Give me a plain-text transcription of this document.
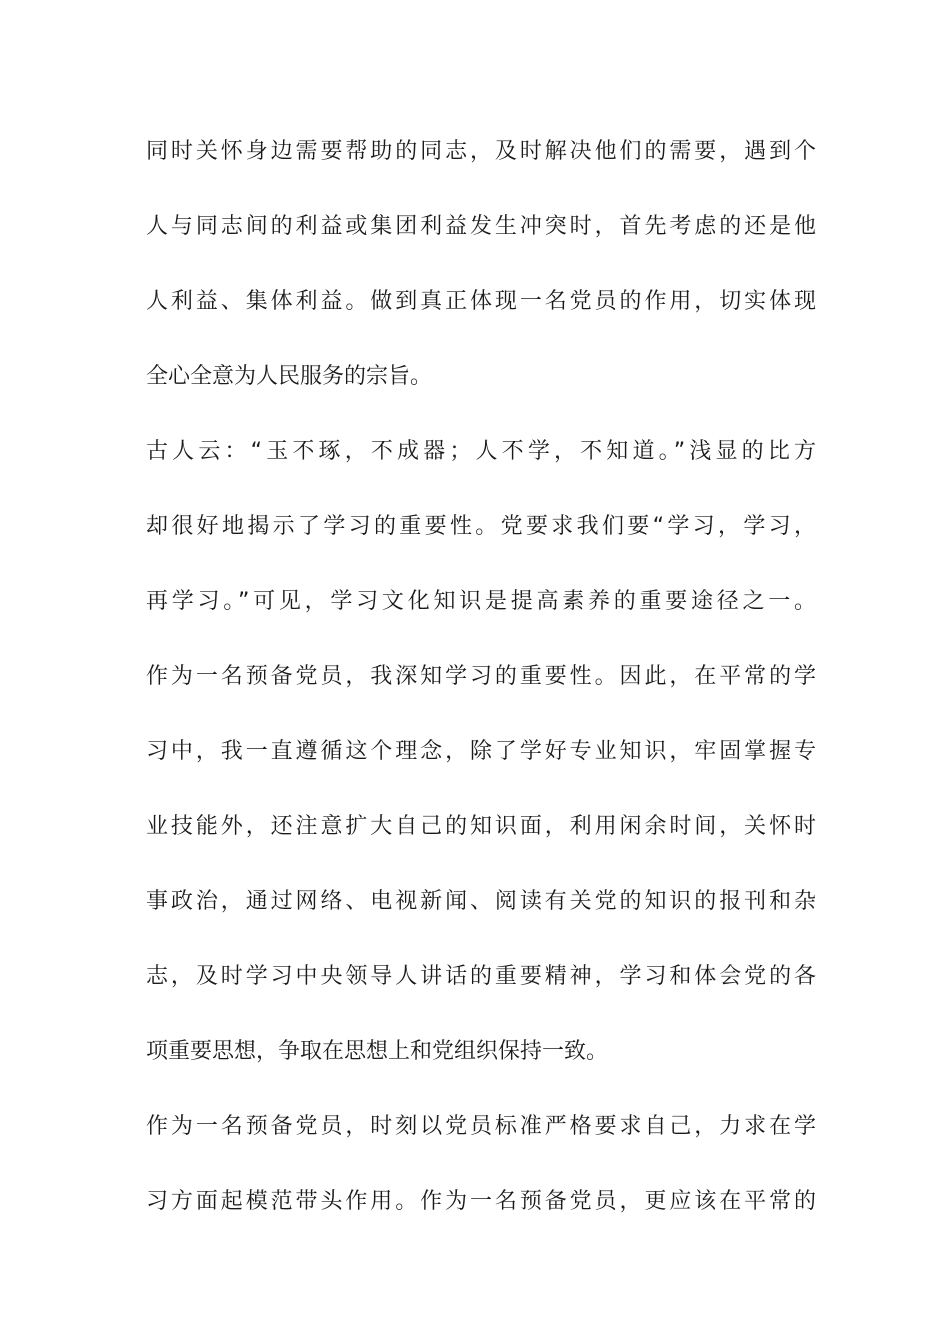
同时关怀身边需要帮助的同志，及时解决他们的需要，遇到个
人与同志间的利益或集团利益发生冲突时，首先考虑的还是他
人利益、集体利益。做到真正体现一名党员的作用，切实体现
全心全意为人民服务的宗旨。
古人云：“玉不琢，不成器；人不学，不知道。”浅显的比方
却很好地揭示了学习的重要性。党要求我们要“学习，学习，
再学习。”可见，学习文化知识是提高素养的重要途径之一。
作为一名预备党员，我深知学习的重要性。因此，在平常的学
习中，我一直遵循这个理念，除了学好专业知识，牢固掌握专
业技能外，还注意扩大自己的知识面，利用闲余时间，关怀时
事政治，通过网络、电视新闻、阅读有关党的知识的报刊和杂
志，及时学习中央领导人讲话的重要精神，学习和体会党的各
项重要思想，争取在思想上和党组织保持一致。
作为一名预备党员，时刻以党员标准严格要求自己，力求在学
习方面起模范带头作用。作为一名预备党员，更应该在平常的
